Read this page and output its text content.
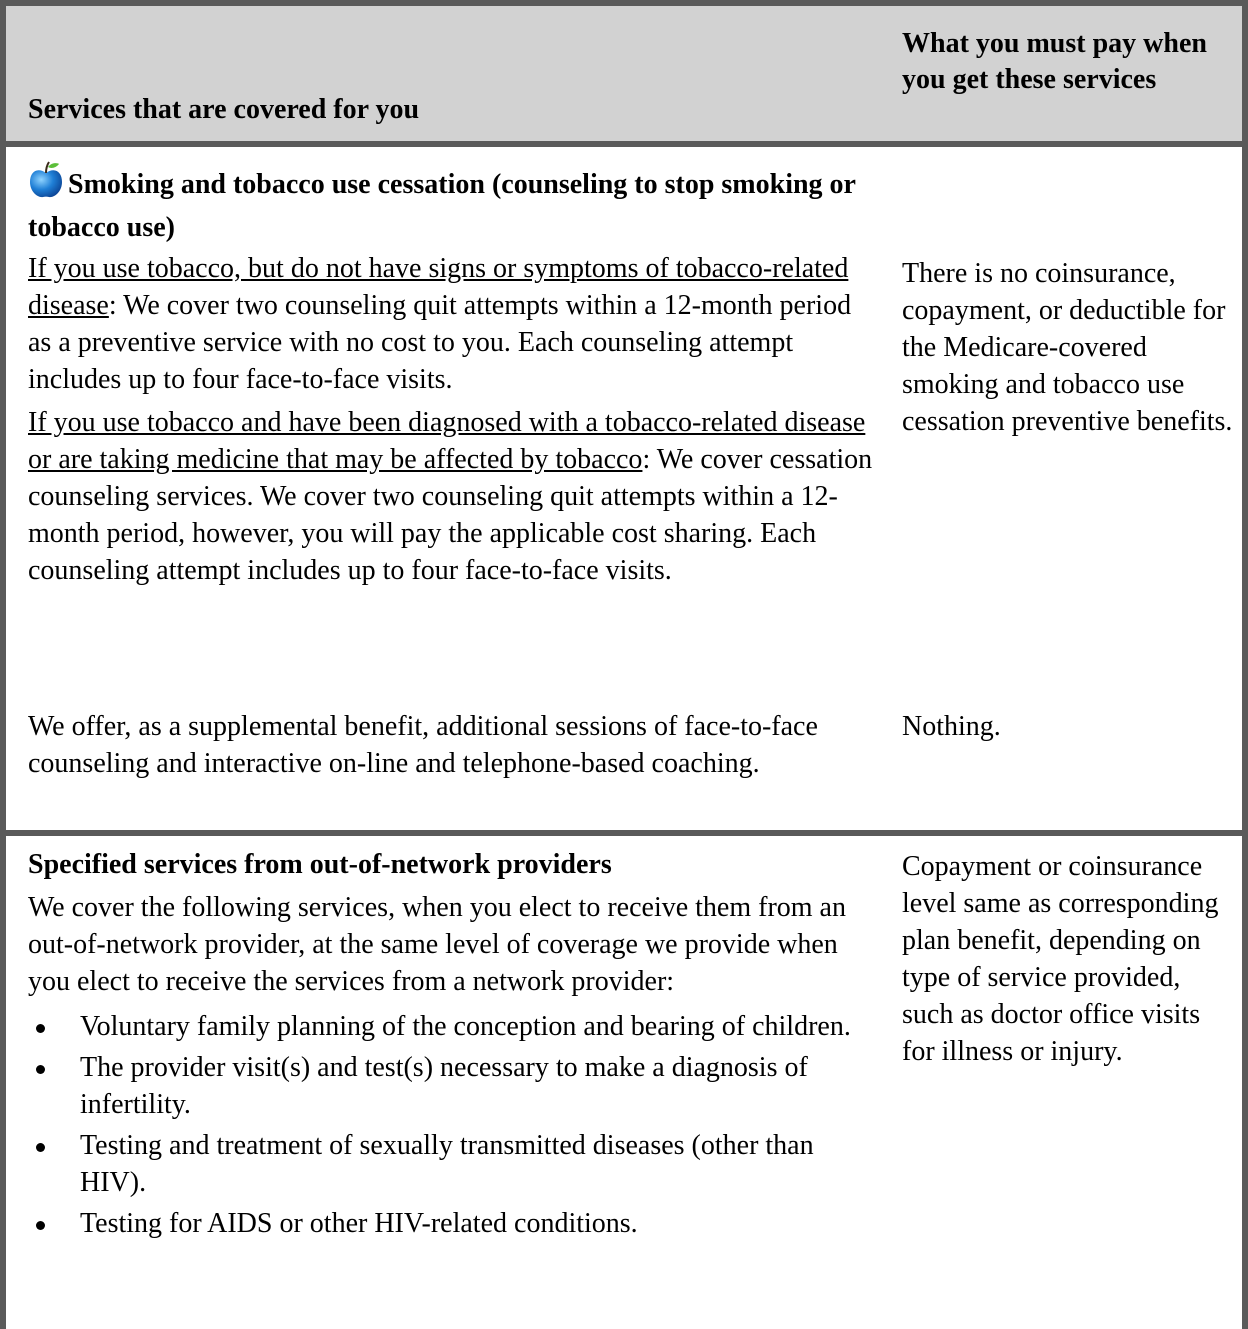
Services that are covered for you
What you must pay when you get these services
Smoking and tobacco use cessation (counseling to stop smoking or tobacco use)

If you use tobacco, but do not have signs or symptoms of tobacco-related disease: We cover two counseling quit attempts within a 12-month period as a preventive service with no cost to you. Each counseling attempt includes up to four face-to-face visits.

If you use tobacco and have been diagnosed with a tobacco-related disease or are taking medicine that may be affected by tobacco: We cover cessation counseling services. We cover two counseling quit attempts within a 12-month period, however, you will pay the applicable cost sharing. Each counseling attempt includes up to four face-to-face visits.

There is no coinsurance, copayment, or deductible for the Medicare-covered smoking and tobacco use cessation preventive benefits.
We offer, as a supplemental benefit, additional sessions of face-to-face counseling and interactive on-line and telephone-based coaching.
Nothing.
Specified services from out-of-network providers

We cover the following services, when you elect to receive them from an out-of-network provider, at the same level of coverage we provide when you elect to receive the services from a network provider:

Voluntary family planning of the conception and bearing of children.
The provider visit(s) and test(s) necessary to make a diagnosis of infertility.
Testing and treatment of sexually transmitted diseases (other than HIV).
Testing for AIDS or other HIV-related conditions.
Copayment or coinsurance level same as corresponding plan benefit, depending on type of service provided, such as doctor office visits for illness or injury.
